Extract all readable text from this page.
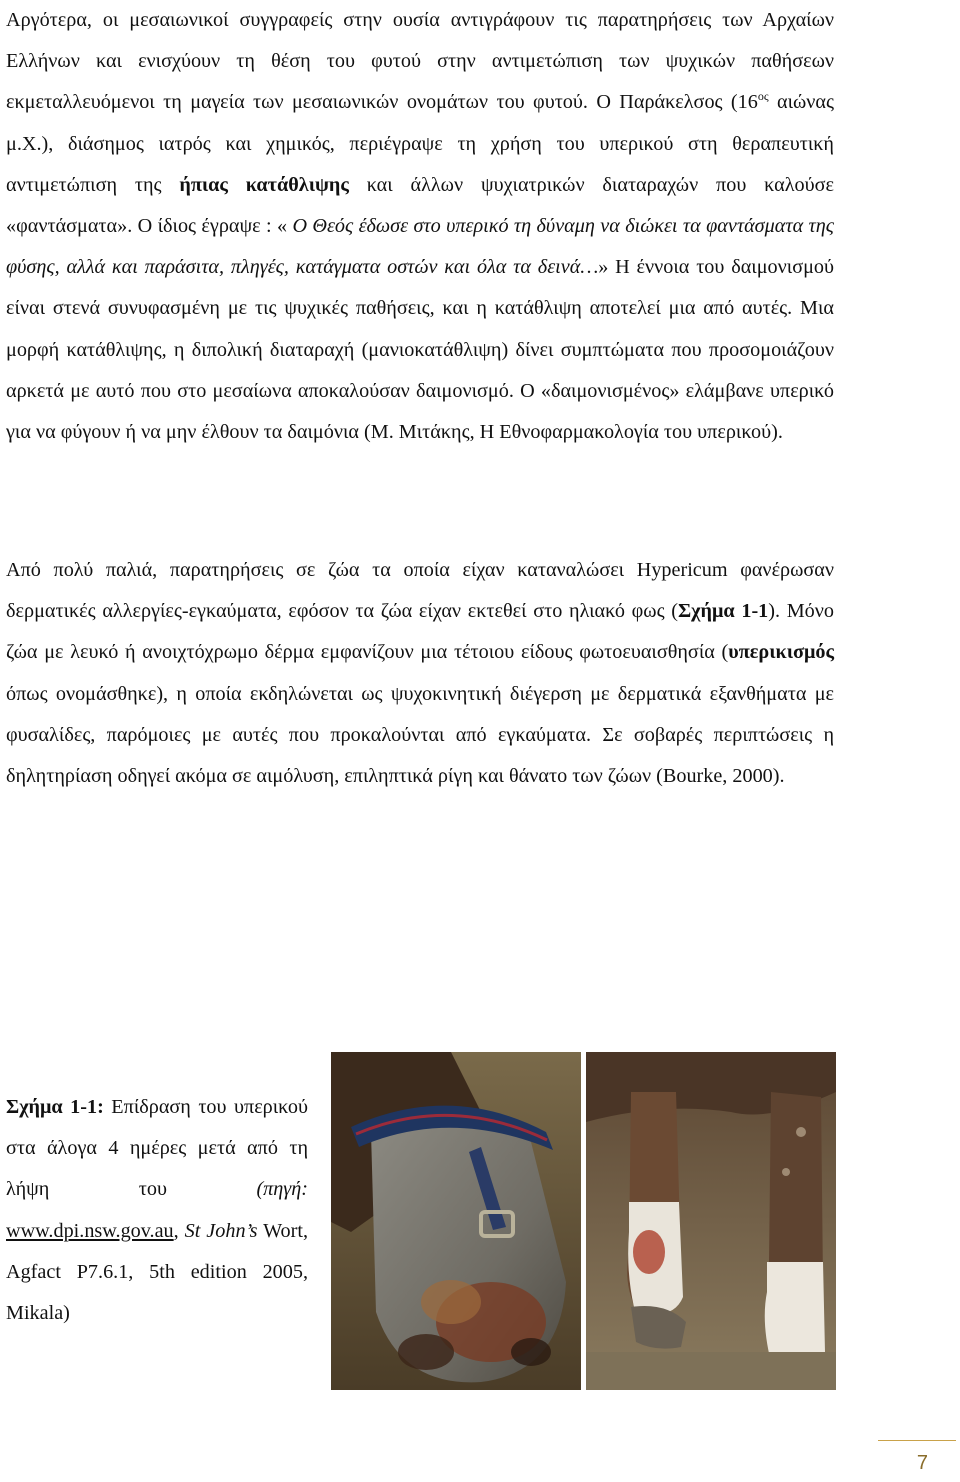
Αργότερα, οι μεσαιωνικοί συγγραφείς στην ουσία αντιγράφουν τις παρατηρήσεις των Αρχαίων Ελλήνων και ενισχύουν τη θέση του φυτού στην αντιμετώπιση των ψυχικών παθήσεων εκμεταλλευόμενοι τη μαγεία των μεσαιωνικών ονομάτων του φυτού. Ο Παράκελσος ($16^{o\varsigma}$ αιώνας μ.Χ.), διάσημος ιατρός και χημικός, περιέγραψε τη χρήση του υπερικού στη θεραπευτική αντιμετώπιση της ήπιας κατάθλιψης και άλλων ψυχιατρικών διαταραχών που καλούσε «φαντάσματα». Ο ίδιος έγραψε : « Ο Θεός έδωσε στο υπερικό τη δύναμη να διώκει τα φαντάσματα της φύσης, αλλά και παράσιτα, πληγές, κατάγματα οστών και όλα τα δεινά…» Η έννοια του δαιμονισμού είναι στενά συνυφασμένη με τις ψυχικές παθήσεις, και η κατάθλιψη αποτελεί μια από αυτές. Μια μορφή κατάθλιψης, η διπολική διαταραχή (μανιοκατάθλιψη) δίνει συμπτώματα που προσομοιάζουν αρκετά με αυτό που στο μεσαίωνα αποκαλούσαν δαιμονισμό. Ο «δαιμονισμένος» ελάμβανε υπερικό για να φύγουν ή να μην έλθουν τα δαιμόνια (Μ. Μιτάκης, Η Εθνοφαρμακολογία του υπερικού).

Από πολύ παλιά, παρατηρήσεις σε ζώα τα οποία είχαν καταναλώσει Hypericum φανέρωσαν δερματικές αλλεργίες-εγκαύματα, εφόσον τα ζώα είχαν εκτεθεί στο ηλιακό φως (Σχήμα 1-1). Μόνο ζώα με λευκό ή ανοιχτόχρωμο δέρμα εμφανίζουν μια τέτοιου είδους φωτοευαισθησία (υπερικισμός όπως ονομάσθηκε), η οποία εκδηλώνεται ως ψυχοκινητική διέγερση με δερματικά εξανθήματα με φυσαλίδες, παρόμοιες με αυτές που προκαλούνται από εγκαύματα. Σε σοβαρές περιπτώσεις η δηλητηρίαση οδηγεί ακόμα σε αιμόλυση, επιληπτικά ρίγη και θάνατο των ζώων (Bourke, 2000).

Σχήμα 1-1: Επίδραση του υπερικού στα άλογα 4 ημέρες μετά από τη λήψη του (πηγή: www.dpi.nsw.gov.au, St John’s Wort, Agfact P7.6.1, 5th edition 2005, Mikala)

7
